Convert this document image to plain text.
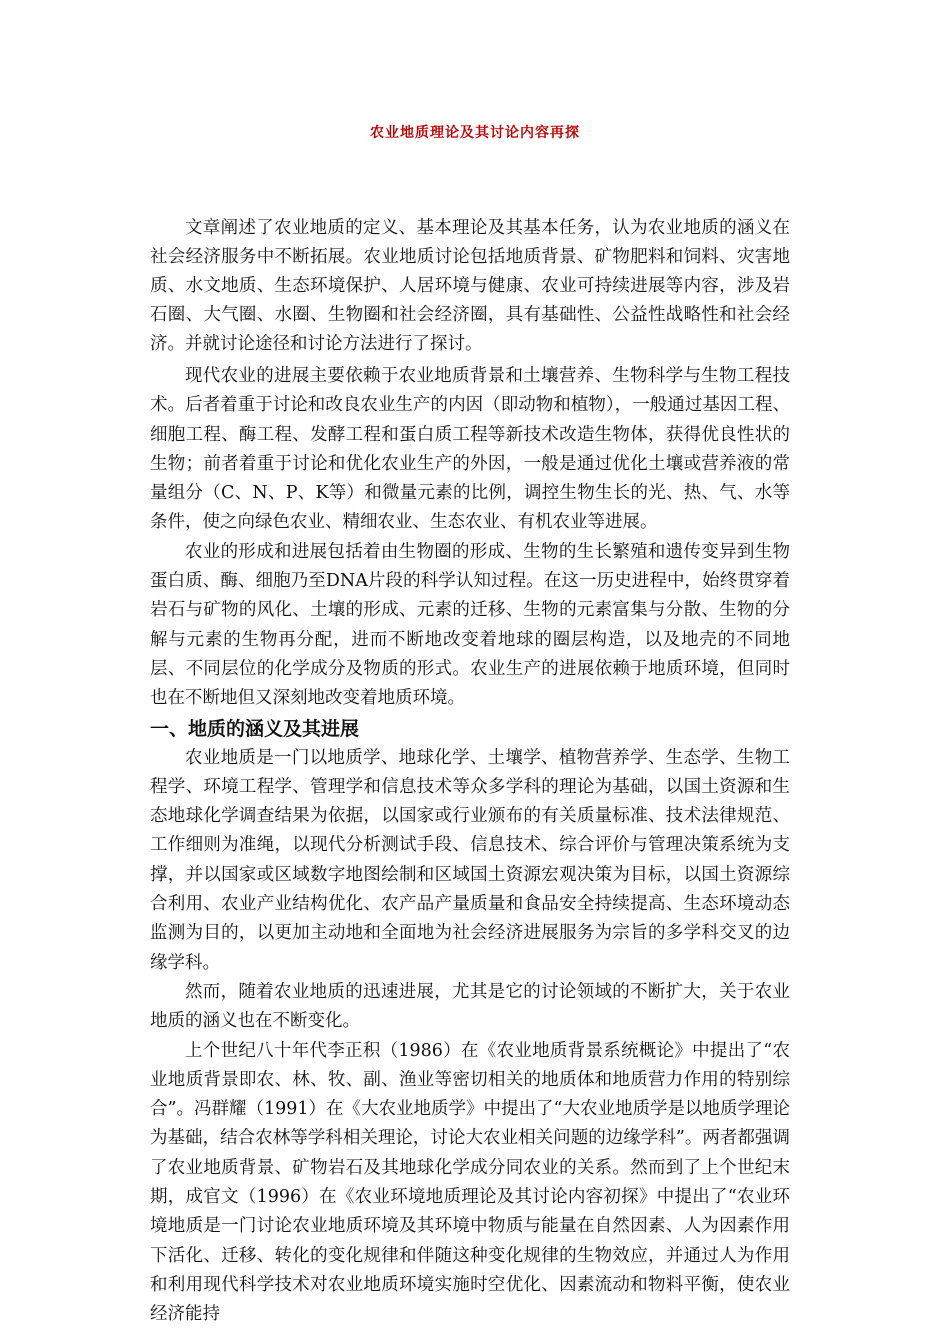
农业地质理论及其讨论内容再探

文章阐述了农业地质的定义、基本理论及其基本任务，认为农业地质的涵义在社会经济服务中不断拓展。农业地质讨论包括地质背景、矿物肥料和饲料、灾害地质、水文地质、生态环境保护、人居环境与健康、农业可持续进展等内容，涉及岩石圈、大气圈、水圈、生物圈和社会经济圈，具有基础性、公益性战略性和社会经济。并就讨论途径和讨论方法进行了探讨。

现代农业的进展主要依赖于农业地质背景和土壤营养、生物科学与生物工程技术。后者着重于讨论和改良农业生产的内因（即动物和植物），一般通过基因工程、细胞工程、酶工程、发酵工程和蛋白质工程等新技术改造生物体，获得优良性状的生物；前者着重于讨论和优化农业生产的外因，一般是通过优化土壤或营养液的常量组分（C、N、P、K等）和微量元素的比例，调控生物生长的光、热、气、水等条件，使之向绿色农业、精细农业、生态农业、有机农业等进展。

农业的形成和进展包括着由生物圈的形成、生物的生长繁殖和遗传变异到生物蛋白质、酶、细胞乃至DNA片段的科学认知过程。在这一历史进程中，始终贯穿着岩石与矿物的风化、土壤的形成、元素的迁移、生物的元素富集与分散、生物的分解与元素的生物再分配，进而不断地改变着地球的圈层构造，以及地壳的不同地层、不同层位的化学成分及物质的形式。农业生产的进展依赖于地质环境，但同时也在不断地但又深刻地改变着地质环境。

一、地质的涵义及其进展

农业地质是一门以地质学、地球化学、土壤学、植物营养学、生态学、生物工程学、环境工程学、管理学和信息技术等众多学科的理论为基础，以国土资源和生态地球化学调查结果为依据，以国家或行业颁布的有关质量标准、技术法律规范、工作细则为准绳，以现代分析测试手段、信息技术、综合评价与管理决策系统为支撑，并以国家或区域数字地图绘制和区域国土资源宏观决策为目标，以国土资源综合利用、农业产业结构优化、农产品产量质量和食品安全持续提高、生态环境动态监测为目的，以更加主动地和全面地为社会经济进展服务为宗旨的多学科交叉的边缘学科。

然而，随着农业地质的迅速进展，尤其是它的讨论领域的不断扩大，关于农业地质的涵义也在不断变化。

上个世纪八十年代李正积（1986）在《农业地质背景系统概论》中提出了“农业地质背景即农、林、牧、副、渔业等密切相关的地质体和地质营力作用的特别综合”。冯群耀（1991）在《大农业地质学》中提出了“大农业地质学是以地质学理论为基础，结合农林等学科相关理论，讨论大农业相关问题的边缘学科”。两者都强调了农业地质背景、矿物岩石及其地球化学成分同农业的关系。然而到了上个世纪末期，成官文（1996）在《农业环境地质理论及其讨论内容初探》中提出了“农业环境地质是一门讨论农业地质环境及其环境中物质与能量在自然因素、人为因素作用下活化、迁移、转化的变化规律和伴随这种变化规律的生物效应，并通过人为作用和利用现代科学技术对农业地质环境实施时空优化、因素流动和物料平衡，使农业经济能持
